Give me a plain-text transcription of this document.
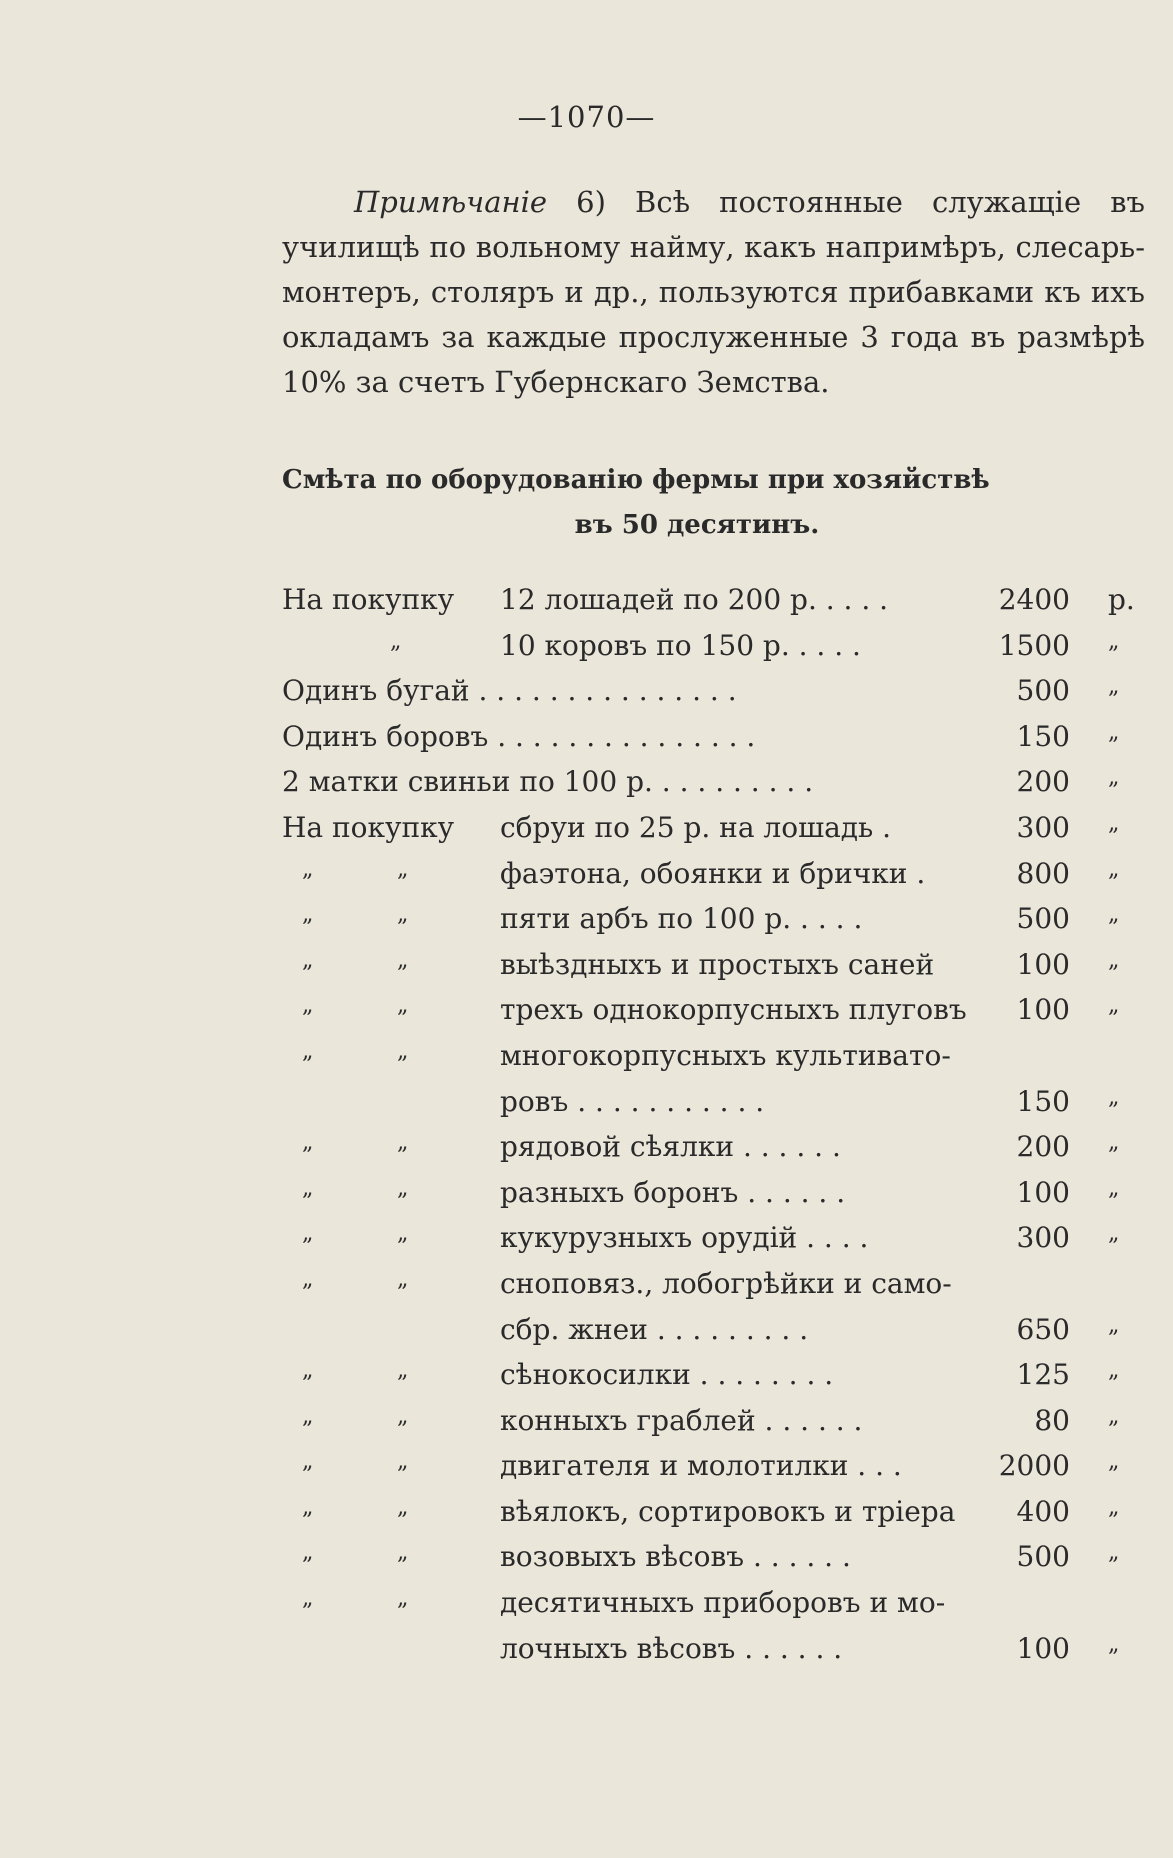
—1070—

Примѣчаніе 6) Всѣ постоянные служащіе въ училищѣ по вольному найму, какъ напримѣръ, слесарь-монтеръ, столяръ и др., пользуются прибавками къ ихъ окладамъ за каждые прослуженные 3 года въ размѣрѣ 10% за счетъ Губернскаго Земства.

Смѣта по оборудованію фермы при хозяйствѣ
въ 50 десятинъ.
На покупку 12 лошадей по 200 р. . . . .	2400 р.
„	10 коровъ по 150 р. . . . .	1500 „
Одинъ бугай . . . . . . . . . . . . . . .	500 „
Одинъ боровъ . . . . . . . . . . . . . . .	150 „
2 матки свиньи по 100 р. . . . . . . . . .	200 „
На покупку сбруи по 25 р. на лошадь .	300 „
„	„	фаэтона, обоянки и брички .	800 „
„	„	пяти арбъ по 100 р. . . . .	500 „
„	„	выѣздныхъ и простыхъ саней	100 „
„	„	трехъ однокорпусныхъ плуговъ 100 „
„	„	многокорпусныхъ культивато-
ровъ . . . . . . . . . . .	150 „
„	„	рядовой сѣялки . . . . . .	200 „
„	„	разныхъ боронъ . . . . . .	100 „
„	„	кукурузныхъ орудій . . . .	300 „
„	„	сноповяз., лобогрѣйки и само-
сбр. жнеи . . . . . . . . .	650 „
„	„	сѣнокосилки . . . . . . . .	125 „
„	„	конныхъ граблей . . . . . .	80 „
„	„	двигателя и молотилки . . .	2000 „
„	„	вѣялокъ, сортировокъ и тріера 400 „
„	„	возовыхъ вѣсовъ . . . . . .	500 „
„	„	десятичныхъ приборовъ и мо-
лочныхъ вѣсовъ . . . . . .	100 „
